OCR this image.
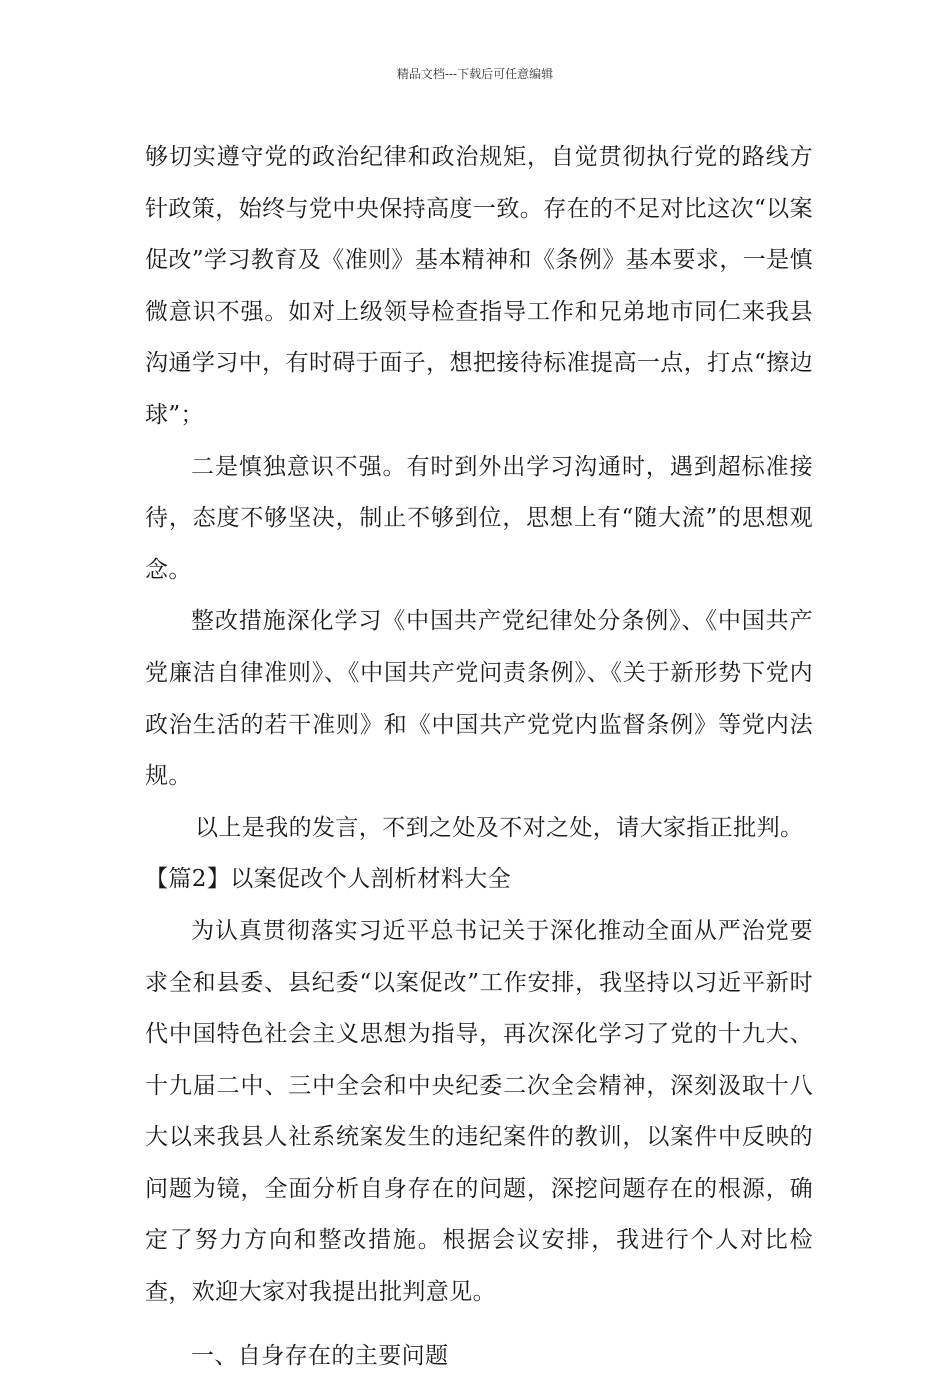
精品文档---下载后可任意编辑

够切实遵守党的政治纪律和政治规矩，自觉贯彻执行党的路线方针政策，始终与党中央保持高度一致。存在的不足对比这次“以案促改”学习教育及《准则》基本精神和《条例》基本要求，一是慎微意识不强。如对上级领导检查指导工作和兄弟地市同仁来我县沟通学习中，有时碍于面子，想把接待标准提高一点，打点“擦边球”；

二是慎独意识不强。有时到外出学习沟通时，遇到超标准接待，态度不够坚决，制止不够到位，思想上有“随大流”的思想观念。

整改措施深化学习《中国共产党纪律处分条例》、《中国共产党廉洁自律准则》、《中国共产党问责条例》、《关于新形势下党内政治生活的若干准则》和《中国共产党党内监督条例》等党内法规。

以上是我的发言，不到之处及不对之处，请大家指正批判。

【篇2】以案促改个人剖析材料大全

为认真贯彻落实习近平总书记关于深化推动全面从严治党要求全和县委、县纪委“以案促改”工作安排，我坚持以习近平新时代中国特色社会主义思想为指导，再次深化学习了党的十九大、十九届二中、三中全会和中央纪委二次全会精神，深刻汲取十八大以来我县人社系统案发生的违纪案件的教训，以案件中反映的问题为镜，全面分析自身存在的问题，深挖问题存在的根源，确定了努力方向和整改措施。根据会议安排，我进行个人对比检查，欢迎大家对我提出批判意见。

一、自身存在的主要问题
